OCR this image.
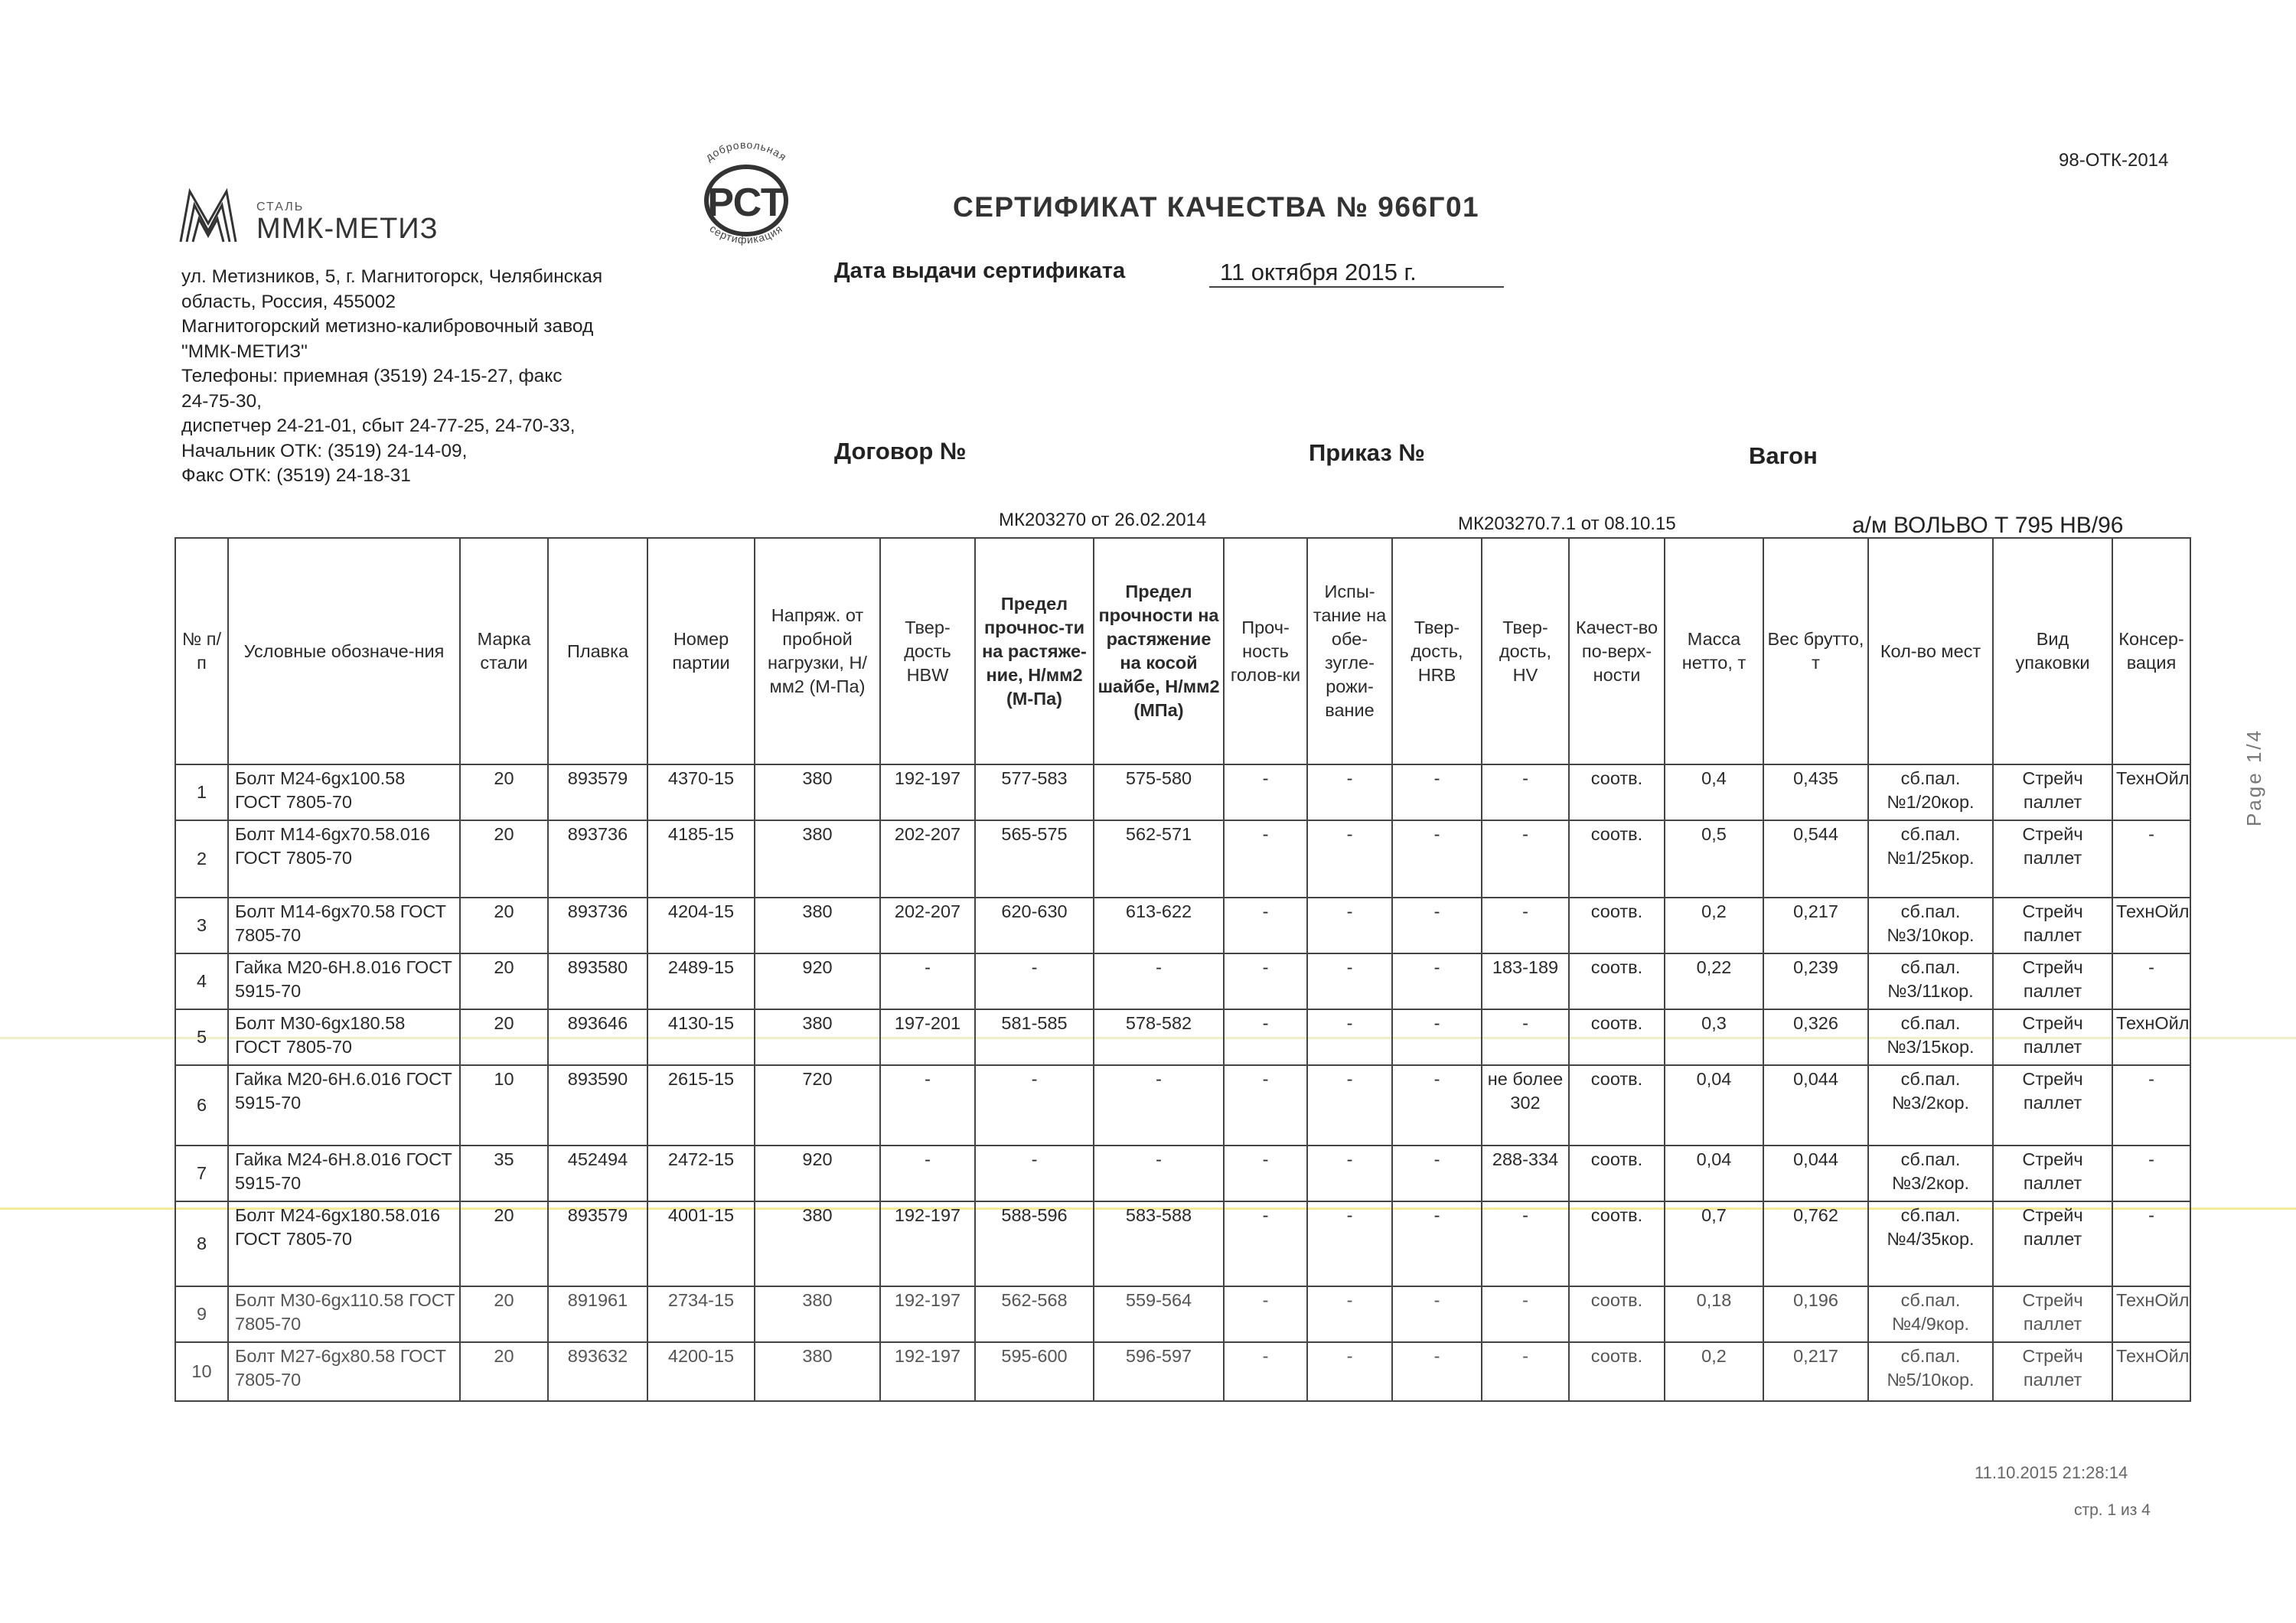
98-ОТК-2014
СТАЛЬ
ММК-МЕТИЗ
ул. Метизников, 5, г. Магнитогорск, Челябинская
область, Россия, 455002
Магнитогорский метизно-калибровочный завод
"ММК-МЕТИЗ"
Телефоны: приемная (3519) 24-15-27, факс
24-75-30,
диспетчер 24-21-01, сбыт 24-77-25, 24-70-33,
Начальник ОТК: (3519) 24-14-09,
Факс ОТК: (3519) 24-18-31
добровольная
сертификация
РСТ	СЕРТИФИКАТ КАЧЕСТВА № 966Г01
Дата выдачи сертификата	11 октября 2015 г.
Договор №	Приказ №	Вагон
МК203270 от 26.02.2014	МК203270.7.1 от 08.10.15	а/м ВОЛЬВО Т 795 НВ/96
№ п/п	Условные обозначе-ния	Марка стали	Плавка	Номер партии	Напряж. от пробной нагрузки, Н/мм2 (М-Па)	Твер-дость HBW	Предел прочнос-ти на растяже-ние, Н/мм2 (М-Па)	Предел прочности на растяжение на косой шайбе, Н/мм2 (МПа)	Проч-ность голов-ки	Испы-тание на обе-зугле-рожи-вание	Твер-дость, HRB	Твер-дость, HV	Качест-во по-верх-ности	Масса нетто, т	Вес брутто, т	Кол-во мест	Вид упаковки	Консер-вация
1	Болт М24-6gx100.58 ГОСТ 7805-70	20	893579	4370-15	380	192-197	577-583	575-580	-	-	-	-	соотв.	0,4	0,435	сб.пал. №1/20кор.	Стрейч паллет	ТехнОйл
2	Болт М14-6gx70.58.016 ГОСТ 7805-70	20	893736	4185-15	380	202-207	565-575	562-571	-	-	-	-	соотв.	0,5	0,544	сб.пал. №1/25кор.	Стрейч паллет	-
3	Болт М14-6gx70.58 ГОСТ 7805-70	20	893736	4204-15	380	202-207	620-630	613-622	-	-	-	-	соотв.	0,2	0,217	сб.пал. №3/10кор.	Стрейч паллет	ТехнОйл
4	Гайка М20-6Н.8.016 ГОСТ 5915-70	20	893580	2489-15	920	-	-	-	-	-	-	183-189	соотв.	0,22	0,239	сб.пал. №3/11кор.	Стрейч паллет	-
5	Болт М30-6gx180.58 ГОСТ 7805-70	20	893646	4130-15	380	197-201	581-585	578-582	-	-	-	-	соотв.	0,3	0,326	сб.пал. №3/15кор.	Стрейч паллет	ТехнОйл
6	Гайка М20-6Н.6.016 ГОСТ 5915-70	10	893590	2615-15	720	-	-	-	-	-	-	не более 302	соотв.	0,04	0,044	сб.пал. №3/2кор.	Стрейч паллет	-
7	Гайка М24-6Н.8.016 ГОСТ 5915-70	35	452494	2472-15	920	-	-	-	-	-	-	288-334	соотв.	0,04	0,044	сб.пал. №3/2кор.	Стрейч паллет	-
8	Болт М24-6gx180.58.016 ГОСТ 7805-70	20	893579	4001-15	380	192-197	588-596	583-588	-	-	-	-	соотв.	0,7	0,762	сб.пал. №4/35кор.	Стрейч паллет	-
9	Болт М30-6gx110.58 ГОСТ 7805-70	20	891961	2734-15	380	192-197	562-568	559-564	-	-	-	-	соотв.	0,18	0,196	сб.пал. №4/9кор.	Стрейч паллет	ТехнОйл
10	Болт М27-6gx80.58 ГОСТ 7805-70	20	893632	4200-15	380	192-197	595-600	596-597	-	-	-	-	соотв.	0,2	0,217	сб.пал. №5/10кор.	Стрейч паллет	ТехнОйл
11.10.2015 21:28:14
стр. 1 из 4
Page 1/4
